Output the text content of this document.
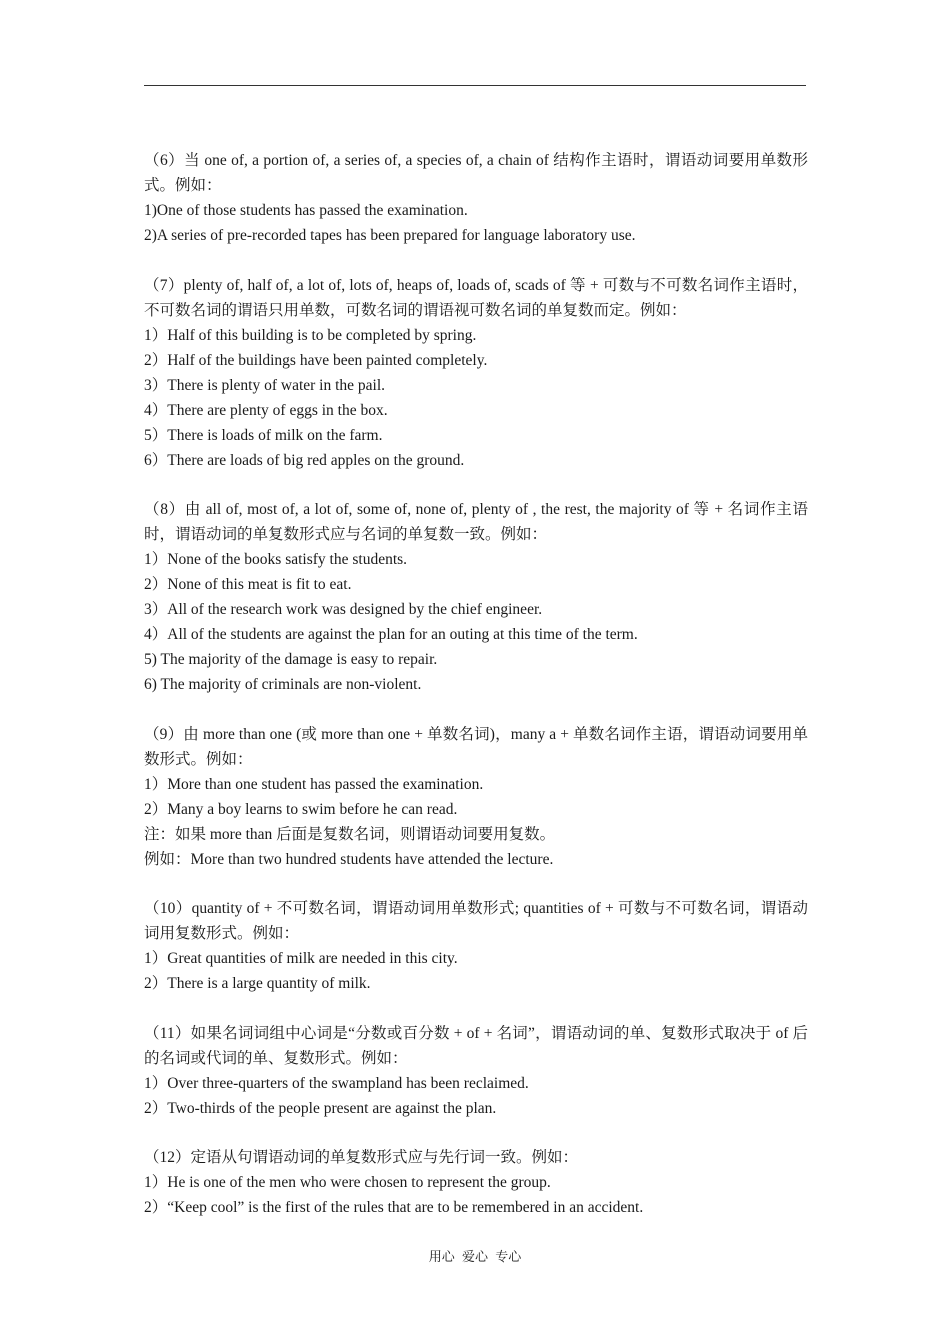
（6）当 one of, a portion of, a series of, a species of, a chain of 结构作主语时，谓语动词要用单数形式。例如：
1)One of those students has passed the examination.
2)A series of pre-recorded tapes has been prepared for language laboratory use.
（7）plenty of, half of, a lot of, lots of, heaps of, loads of, scads of 等 + 可数与不可数名词作主语时，不可数名词的谓语只用单数，可数名词的谓语视可数名词的单复数而定。例如：
1）Half of this building is to be completed by spring.
2）Half of the buildings have been painted completely.
3）There is plenty of water in the pail.
4）There are plenty of eggs in the box.
5）There is loads of milk on the farm.
6）There are loads of big red apples on the ground.
（8）由 all of, most of, a lot of, some of, none of, plenty of , the rest, the majority of 等 + 名词作主语时，谓语动词的单复数形式应与名词的单复数一致。例如：
1）None of the books satisfy the students.
2）None of this meat is fit to eat.
3）All of the research work was designed by the chief engineer.
4）All of the students are against the plan for an outing at this time of the term.
5) The majority of the damage is easy to repair.
6) The majority of criminals are non-violent.
（9）由 more than one (或 more than one + 单数名词)，many a + 单数名词作主语，谓语动词要用单数形式。例如：
1）More than one student has passed the examination.
2）Many a boy learns to swim before he can read.
注：如果 more than 后面是复数名词，则谓语动词要用复数。
例如：More than two hundred students have attended the lecture.
（10）quantity of + 不可数名词，谓语动词用单数形式; quantities of + 可数与不可数名词，谓语动词用复数形式。例如：
1）Great quantities of milk are needed in this city.
2）There is a large quantity of milk.
（11）如果名词词组中心词是“分数或百分数 + of + 名词”，谓语动词的单、复数形式取决于 of 后的名词或代词的单、复数形式。例如：
1）Over three-quarters of the swampland has been reclaimed.
2）Two-thirds of the people present are against the plan.
（12）定语从句谓语动词的单复数形式应与先行词一致。例如：
1）He is one of the men who were chosen to represent the group.
2）“Keep cool” is the first of the rules that are to be remembered in an accident.
用心 爱心 专心
